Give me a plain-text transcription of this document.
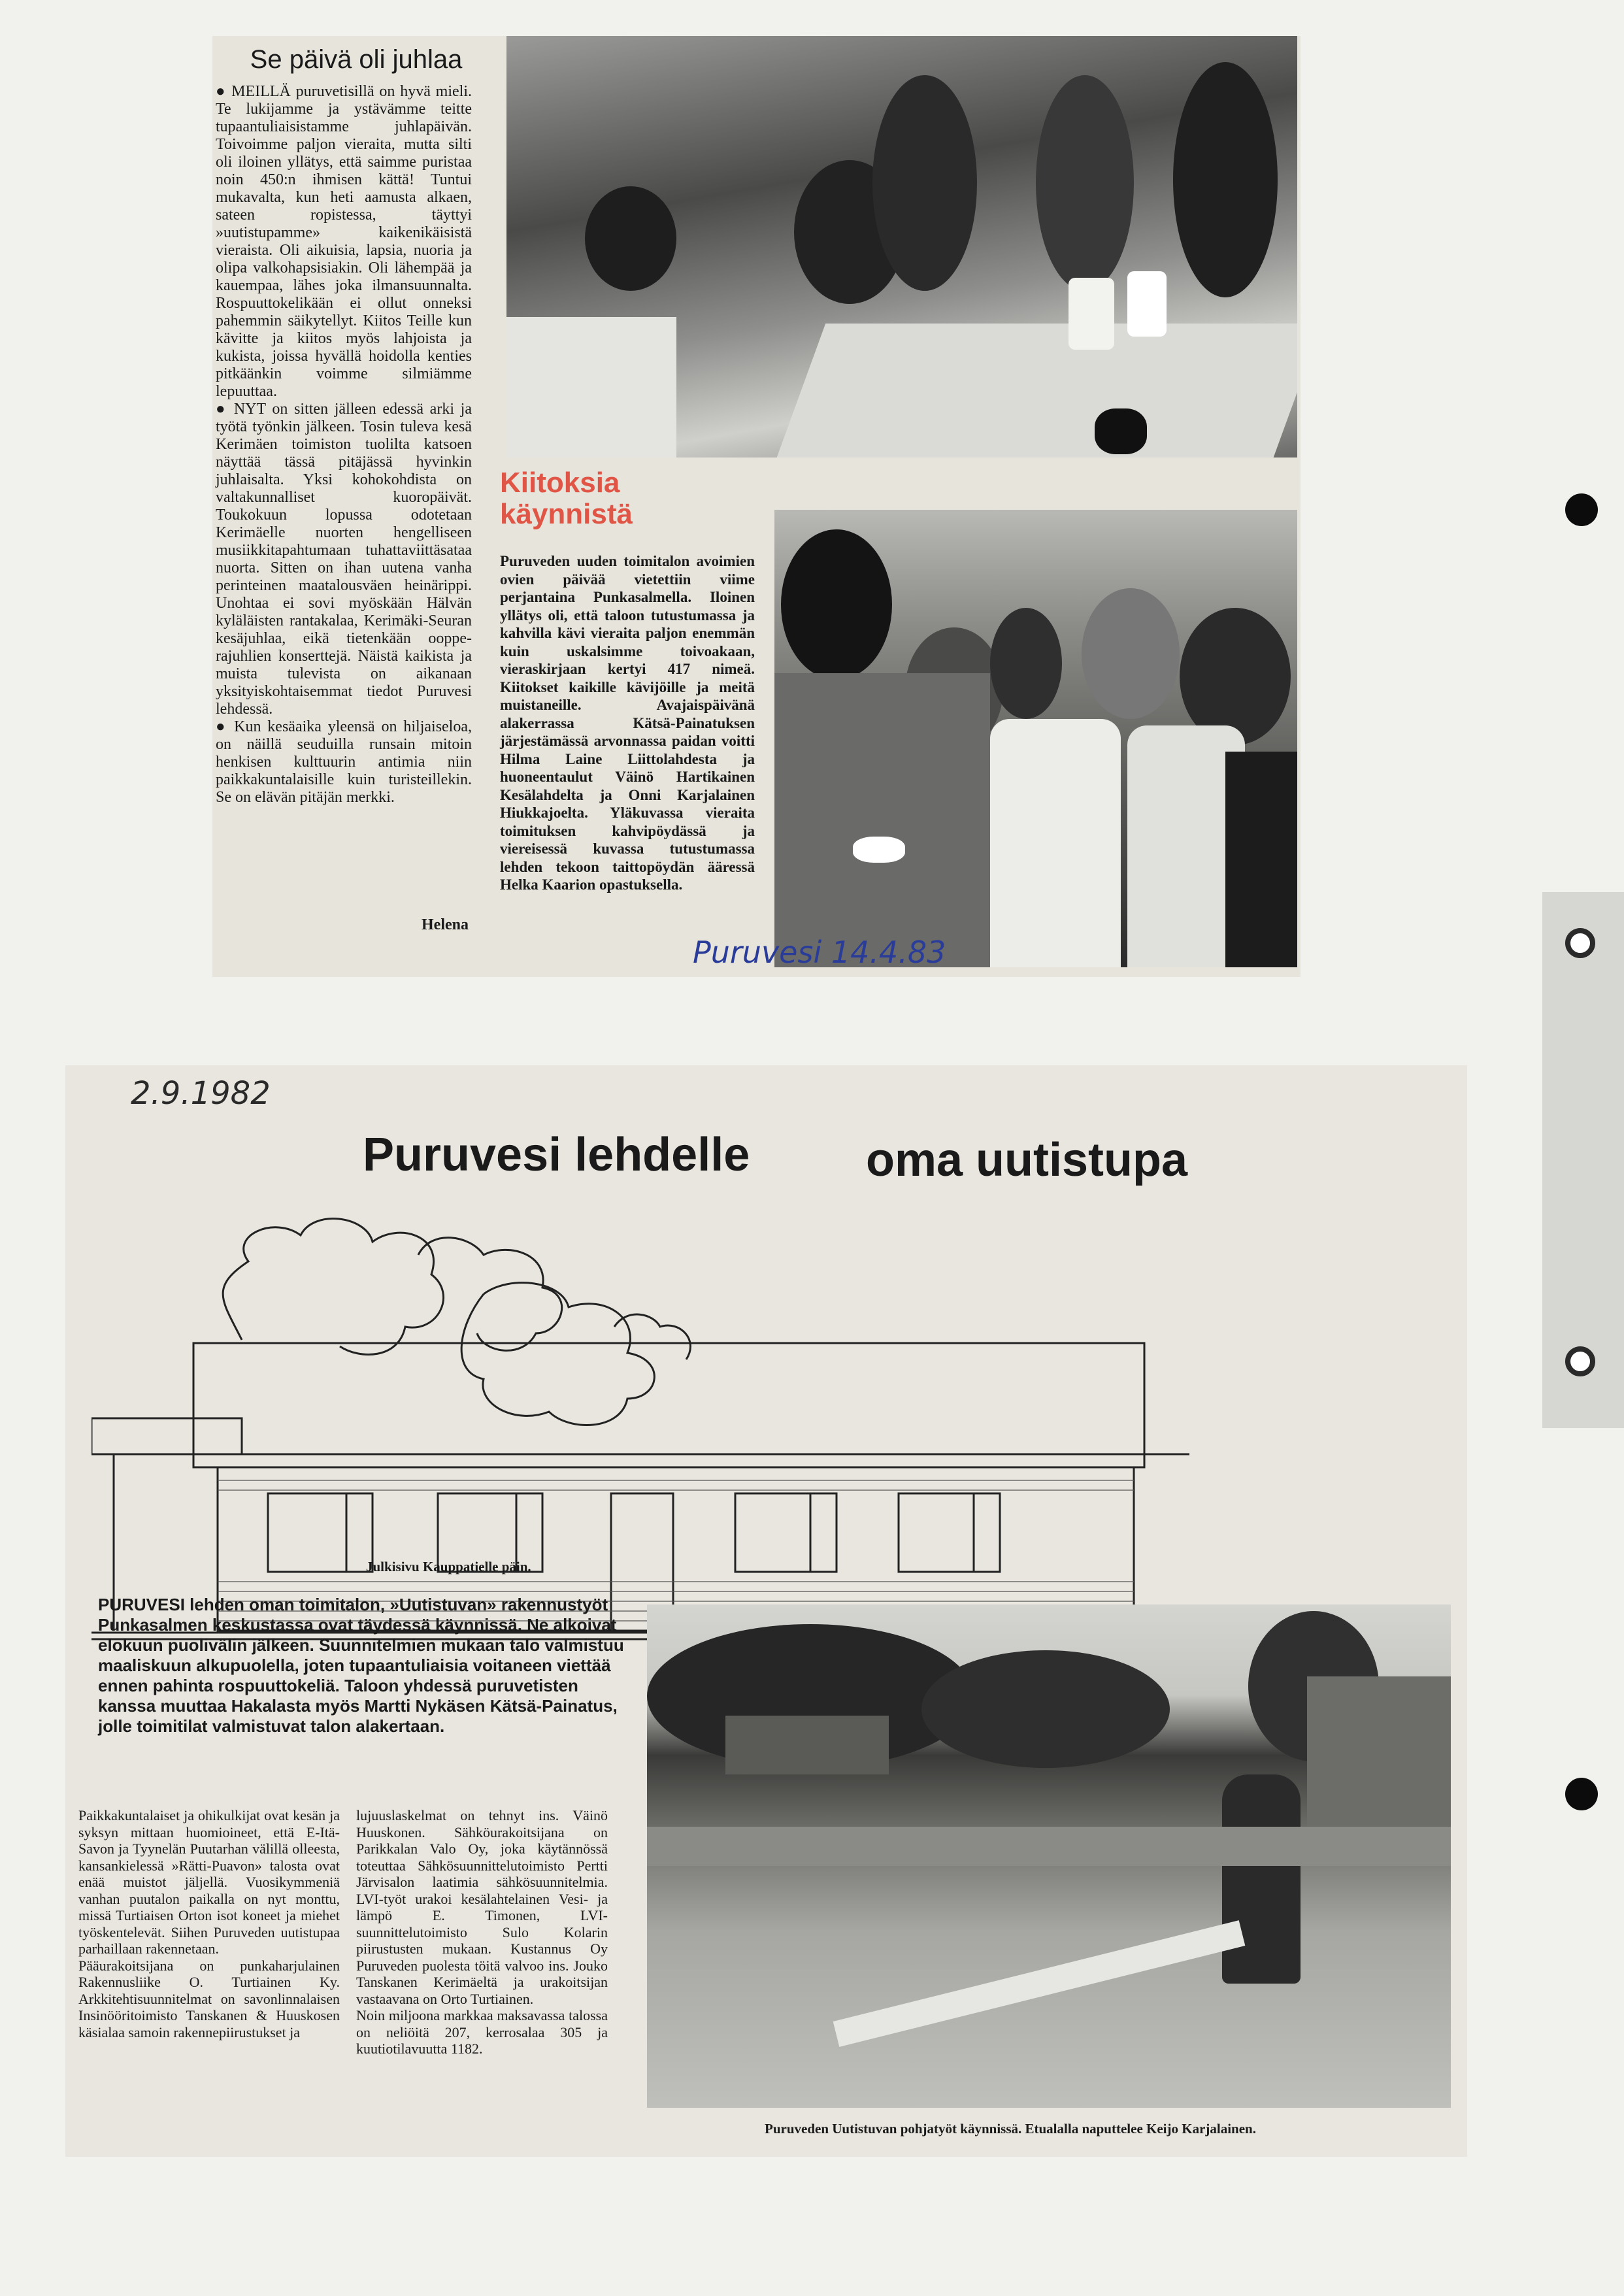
Se päivä oli juhlaa

● MEILLÄ puruvetisillä on hyvä mieli. Te lukijamme ja ystävämme teitte tupaantuliaisistamme juhlapäivän. Toivoimme paljon vieraita, mutta silti oli iloinen yllätys, että saimme puristaa noin 450:n ihmisen kättä! Tuntui mukavalta, kun heti aamusta alkaen, sateen ropistessa, täyttyi »uutistupamme» kaikenikäisistä vieraista. Oli aikuisia, lapsia, nuoria ja olipa valkohapsisiakin. Oli lähempää ja kauempaa, lähes joka ilmansuunnalta. Rospuuttokelikään ei ollut onneksi pahemmin säikytellyt. Kiitos Teille kun kävitte ja kiitos myös lahjoista ja kukista, joissa hyvällä hoidolla kenties pitkäänkin voimme silmiämme lepuuttaa.

● NYT on sitten jälleen edessä arki ja työtä työnkin jälkeen. Tosin tuleva kesä Kerimäen toimiston tuolilta katsoen näyttää tässä pitäjässä hyvinkin juhlaisalta. Yksi kohokohdista on valtakunnalliset kuoropäivät. Toukokuun lopussa odotetaan Kerimäelle nuorten hengelliseen musiikkitapahtumaan tuhattaviittäsataa nuorta. Sitten on ihan uutena vanha perinteinen maatalousväen heinärippi. Unohtaa ei sovi myöskään Hälvän kyläläisten rantakalaa, Kerimäki-Seuran kesäjuhlaa, eikä tietenkään ooppe-rajuhlien konserttejä. Näistä kaikista ja muista tulevista on aikanaan yksityiskohtaisemmat tiedot Puruvesi lehdessä.

● Kun kesäaika yleensä on hiljaiseloa, on näillä seuduilla runsain mitoin henkisen kulttuurin antimia niin paikkakuntalaisille kuin turisteillekin. Se on elävän pitäjän merkki.

Helena
Kiitoksia käynnistä
Puruveden uuden toimitalon avoimien ovien päivää vietettiin viime perjantaina Punkasalmella. Iloinen yllätys oli, että taloon tutustumassa ja kahvilla kävi vieraita paljon enemmän kuin uskalsimme toivoakaan, vieraskirjaan kertyi 417 nimeä. Kiitokset kaikille kävijöille ja meitä muistaneille. Avajaispäivänä alakerrassa Kätsä-Painatuksen järjestämässä arvonnassa paidan voitti Hilma Laine Liittolahdesta ja huoneentaulut Väinö Hartikainen Kesälahdelta ja Onni Karjalainen Hiukkajoelta. Yläkuvassa vieraita toimituksen kahvipöydässä ja viereisessä kuvassa tutustumassa lehden tekoon taittopöydän ääressä Helka Kaarion opastuksella.
Puruvesi 14.4.83
2.9.1982
Puruvesi lehdelle oma uutistupa
Julkisivu Kauppatielle päin.
PURUVESI lehden oman toimitalon, »Uutistuvan» rakennustyöt Punkasalmen keskustassa ovat täydessä käynnissä. Ne alkoivat elokuun puolivälin jälkeen. Suunnitelmien mukaan talo valmistuu maaliskuun alkupuolella, joten tupaantuliaisia voitaneen viettää ennen pahinta rospuuttokeliä. Taloon yhdessä puruvetisten kanssa muuttaa Hakalasta myös Martti Nykäsen Kätsä-Painatus, jolle toimitilat valmistuvat talon alakertaan.

Paikkakuntalaiset ja ohikulkijat ovat kesän ja syksyn mittaan huomioineet, että E-Itä-Savon ja Tyynelän Puutarhan välillä olleesta, kansankielessä »Rätti-Puavon» talosta ovat enää muistot jäljellä. Vuosikymmeniä vanhan puutalon paikalla on nyt monttu, missä Turtiaisen Orton isot koneet ja miehet työskentelevät. Siihen Puruveden uutistupaa parhaillaan rakennetaan.

Pääurakoitsijana on punkaharjulainen Rakennusliike O. Turtiainen Ky. Arkkitehtisuunnitelmat on savonlinnalaisen Insinööritoimisto Tanskanen & Huuskosen käsialaa samoin rakennepiirustukset ja

lujuuslaskelmat on tehnyt ins. Väinö Huuskonen. Sähköurakoitsijana on Parikkalan Valo Oy, joka käytännössä toteuttaa Sähkösuunnittelutoimisto Pertti Järvisalon laatimia sähkösuunnitelmia. LVI-työt urakoi kesälahtelainen Vesi- ja lämpö E. Timonen, LVI-suunnittelutoimisto Sulo Kolarin piirustusten mukaan. Kustannus Oy Puruveden puolesta töitä valvoo ins. Jouko Tanskanen Kerimäeltä ja urakoitsijan vastaavana on Orto Turtiainen.

Noin miljoona markkaa maksavassa talossa on neliöitä 207, kerrosalaa 305 ja kuutiotilavuutta 1182.

Puruveden Uutistuvan pohjatyöt käynnissä. Etualalla naputtelee Keijo Karjalainen.
